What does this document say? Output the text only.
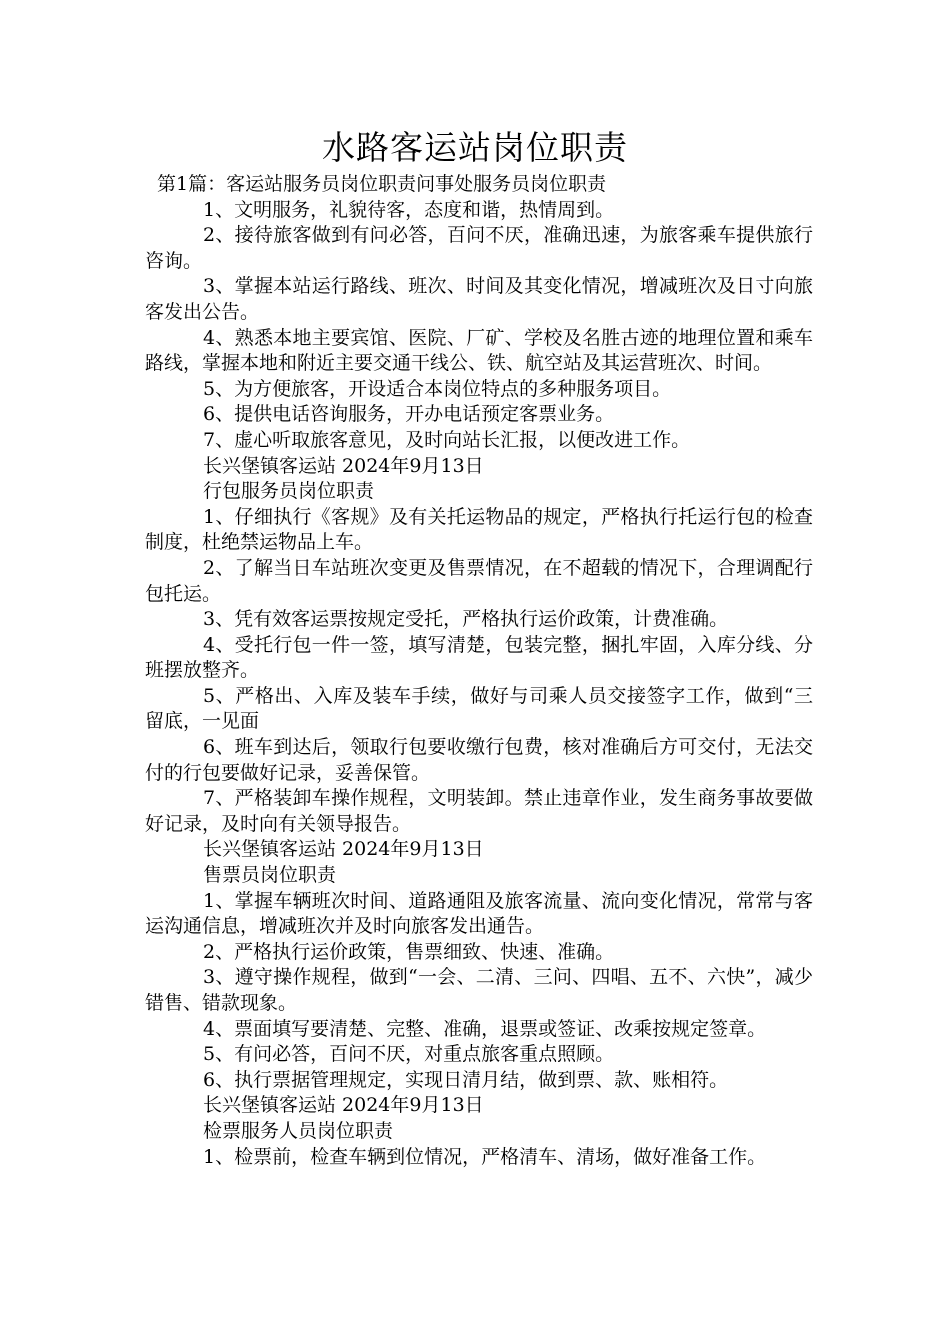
水路客运站岗位职责

第1篇：客运站服务员岗位职责问事处服务员岗位职责

1、文明服务，礼貌待客，态度和谐，热情周到。

2、接待旅客做到有问必答，百问不厌，准确迅速，为旅客乘车提供旅行咨询。

3、掌握本站运行路线、班次、时间及其变化情况，增减班次及日寸向旅客发出公告。

4、熟悉本地主要宾馆、医院、厂矿、学校及名胜古迹的地理位置和乘车路线，掌握本地和附近主要交通干线公、铁、航空站及其运营班次、时间。

5、为方便旅客，开设适合本岗位特点的多种服务项目。

6、提供电话咨询服务，开办电话预定客票业务。

7、虚心听取旅客意见，及时向站长汇报，以便改进工作。

长兴堡镇客运站 2024年9月13日

行包服务员岗位职责

1、仔细执行《客规》及有关托运物品的规定，严格执行托运行包的检查制度，杜绝禁运物品上车。

2、了解当日车站班次变更及售票情况，在不超载的情况下，合理调配行包托运。

3、凭有效客运票按规定受托，严格执行运价政策，计费准确。

4、受托行包一件一签，填写清楚，包装完整，捆扎牢固，入库分线、分班摆放整齐。

5、严格出、入库及装车手续，做好与司乘人员交接签字工作，做到“三留底，一见面

6、班车到达后，领取行包要收缴行包费，核对准确后方可交付，无法交付的行包要做好记录，妥善保管。

7、严格装卸车操作规程，文明装卸。禁止违章作业，发生商务事故要做好记录，及时向有关领导报告。

长兴堡镇客运站 2024年9月13日

售票员岗位职责

1、掌握车辆班次时间、道路通阻及旅客流量、流向变化情况，常常与客运沟通信息，增减班次并及时向旅客发出通告。

2、严格执行运价政策，售票细致、快速、准确。

3、遵守操作规程，做到“一会、二清、三问、四唱、五不、六快”，减少错售、错款现象。

4、票面填写要清楚、完整、准确，退票或签证、改乘按规定签章。

5、有问必答，百问不厌，对重点旅客重点照顾。

6、执行票据管理规定，实现日清月结，做到票、款、账相符。

长兴堡镇客运站 2024年9月13日

检票服务人员岗位职责

1、检票前，检查车辆到位情况，严格清车、清场，做好准备工作。
